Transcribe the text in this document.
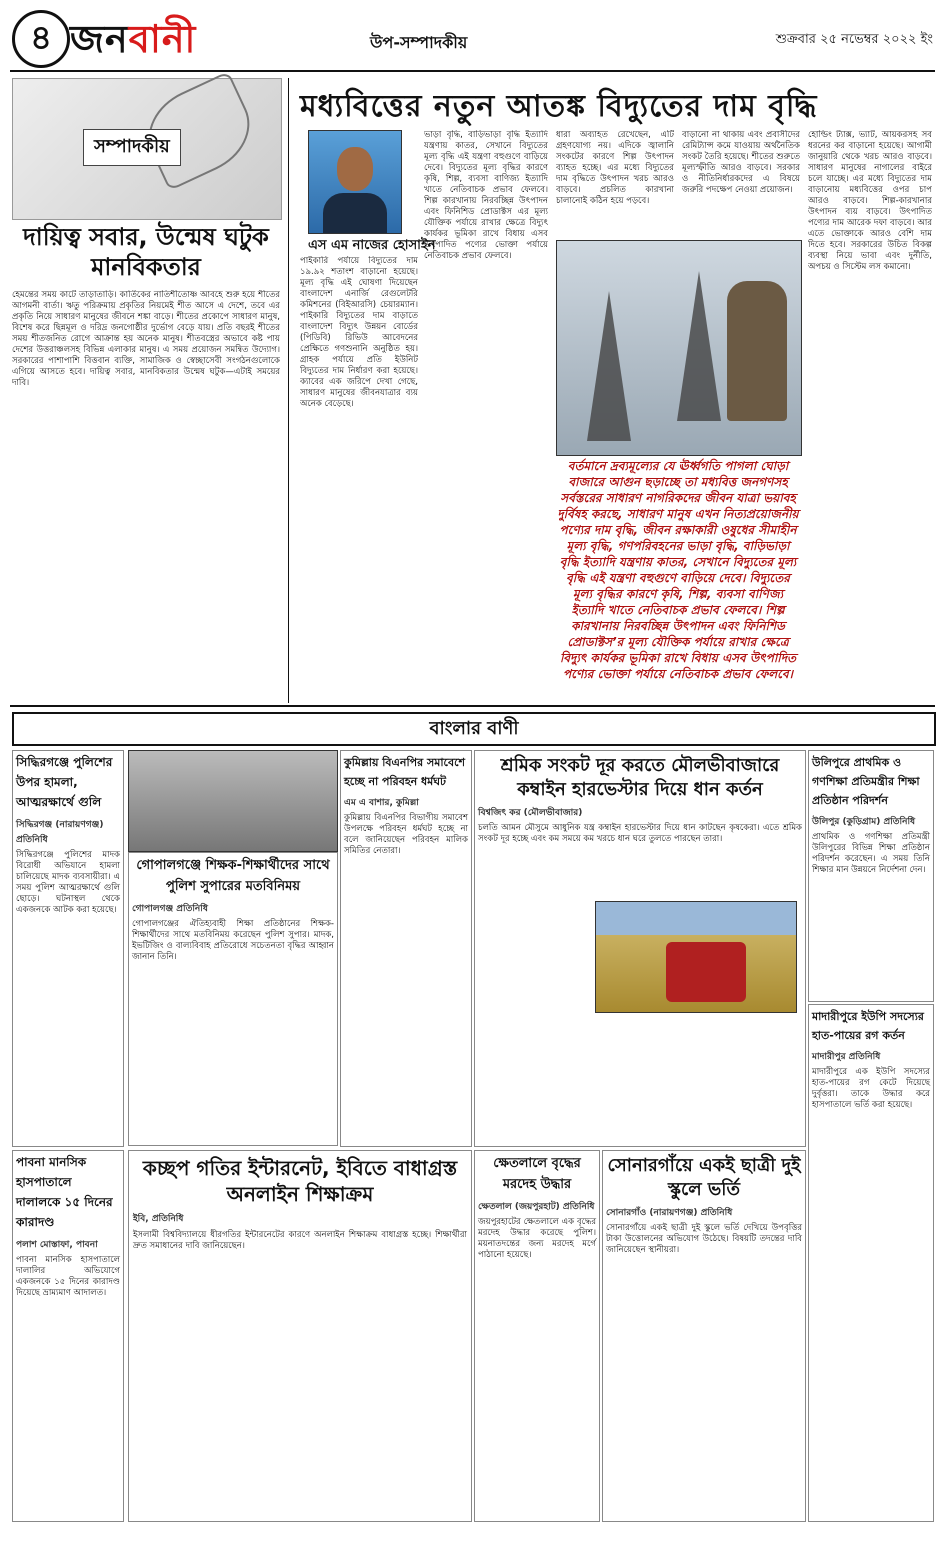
৪ জনবানী	উপ-সম্পাদকীয়	শুক্রবার ২৫ নভেম্বর ২০২২ ইং
সম্পাদকীয়
দায়িত্ব সবার, উন্মেষ ঘটুক মানবিকতার
হেমন্তের সময় কাটে তাড়াতাড়ি। কার্তিকের নাতিশীতোষ্ণ আবহে শুরু হয়ে শীতের আগমনী বার্তা। ঋতু পরিক্রমায় প্রকৃতির নিয়মেই শীত আসে এ দেশে, তবে এর প্রকৃতি নিয়ে সাধারণ মানুষের জীবনে শঙ্কা বাড়ে। শীতের প্রকোপে সাধারণ মানুষ, বিশেষ করে ছিন্নমূল ও দরিদ্র জনগোষ্ঠীর দুর্ভোগ বেড়ে যায়। প্রতি বছরই শীতের সময় শীতজনিত রোগে আক্রান্ত হয় অনেক মানুষ। শীতবস্ত্রের অভাবে কষ্ট পায় দেশের উত্তরাঞ্চলসহ বিভিন্ন এলাকার মানুষ। এ সময় প্রয়োজন সমন্বিত উদ্যোগ। সরকারের পাশাপাশি বিত্তবান ব্যক্তি, সামাজিক ও স্বেচ্ছাসেবী সংগঠনগুলোকে এগিয়ে আসতে হবে। দায়িত্ব সবার, মানবিকতার উন্মেষ ঘটুক—এটাই সময়ের দাবি।
মধ্যবিত্তের নতুন আতঙ্ক বিদ্যুতের দাম বৃদ্ধি
এস এম নাজের হোসাইন
পাইকারি পর্যায়ে বিদ্যুতের দাম ১৯.৯২ শতাংশ বাড়ানো হয়েছে। মূল্য বৃদ্ধি এই ঘোষণা দিয়েছেন বাংলাদেশ এনার্জি রেগুলেটরি কমিশনের (বিইআরসি) চেয়ারম্যান। পাইকারি বিদ্যুতের দাম বাড়াতে বাংলাদেশ বিদ্যুৎ উন্নয়ন বোর্ডের (পিডিবি) রিভিউ আবেদনের প্রেক্ষিতে গণশুনানি অনুষ্ঠিত হয়। গ্রাহক পর্যায়ে প্রতি ইউনিট বিদ্যুতের দাম নির্ধারণ করা হয়েছে। ক্যাবের এক জরিপে দেখা গেছে, সাধারণ মানুষের জীবনযাত্রার ব্যয় অনেক বেড়েছে।
ভাড়া বৃদ্ধি, বাড়িভাড়া বৃদ্ধি ইত্যাদি যন্ত্রণায় কাতর, সেখানে বিদ্যুতের মূল্য বৃদ্ধি এই যন্ত্রণা বহুগুণে বাড়িয়ে দেবে। বিদ্যুতের মূল্য বৃদ্ধির কারণে কৃষি, শিল্প, ব্যবসা বাণিজ্য ইত্যাদি খাতে নেতিবাচক প্রভাব ফেলবে। শিল্প কারখানায় নিরবচ্ছিন্ন উৎপাদন এবং ফিনিশিড প্রোডাক্টস এর মূল্য যৌক্তিক পর্যায়ে রাখার ক্ষেত্রে বিদ্যুৎ কার্যকর ভূমিকা রাখে বিধায় এসব উৎপাদিত পণ্যের ভোক্তা পর্যায়ে নেতিবাচক প্রভাব ফেলবে।
ধারা অব্যাহত রেখেছেন, এটি গ্রহণযোগ্য নয়। এদিকে জ্বালানি সংকটের কারণে শিল্প উৎপাদন ব্যাহত হচ্ছে। এর মধ্যে বিদ্যুতের দাম বৃদ্ধিতে উৎপাদন খরচ আরও বাড়বে। প্রচলিত কারখানা চালানোই কঠিন হয়ে পড়বে।
বাড়ানো না থাকায় এবং প্রবাসীদের রেমিট্যান্স কমে যাওয়ায় অর্থনৈতিক সংকট তৈরি হয়েছে। শীতের শুরুতে মূল্যস্ফীতি আরও বাড়বে। সরকার ও নীতিনির্ধারকদের এ বিষয়ে জরুরি পদক্ষেপ নেওয়া প্রয়োজন।
হোল্ডিং ট্যাক্স, ভ্যাট, আয়করসহ সব ধরনের কর বাড়ানো হয়েছে। আগামী জানুয়ারি থেকে খরচ আরও বাড়বে। সাধারণ মানুষের নাগালের বাইরে চলে যাচ্ছে। এর মধ্যে বিদ্যুতের দাম বাড়ানোয় মধ্যবিত্তের ওপর চাপ আরও বাড়বে। শিল্প-কারখানার উৎপাদন ব্যয় বাড়বে। উৎপাদিত পণ্যের দাম আরেক দফা বাড়বে। আর এতে ভোক্তাকে আরও বেশি দাম দিতে হবে। সরকারের উচিত বিকল্প ব্যবস্থা নিয়ে ভাবা এবং দুর্নীতি, অপচয় ও সিস্টেম লস কমানো।
বর্তমানে দ্রব্যমূল্যের যে ঊর্ধ্বগতি পাগলা ঘোড়া বাজারে আগুন ছড়াচ্ছে তা মধ্যবিত্ত জনগণসহ সর্বস্তরের সাধারণ নাগরিকদের জীবন যাত্রা ভয়াবহ দুর্বিষহ করছে, সাধারণ মানুষ এখন নিত্যপ্রয়োজনীয় পণ্যের দাম বৃদ্ধি, জীবন রক্ষাকারী ওষুধের সীমাহীন মূল্য বৃদ্ধি, গণপরিবহনের ভাড়া বৃদ্ধি, বাড়িভাড়া বৃদ্ধি ইত্যাদি যন্ত্রণায় কাতর, সেখানে বিদ্যুতের মূল্য বৃদ্ধি এই যন্ত্রণা বহুগুণে বাড়িয়ে দেবে। বিদ্যুতের মূল্য বৃদ্ধির কারণে কৃষি, শিল্প, ব্যবসা বাণিজ্য ইত্যাদি খাতে নেতিবাচক প্রভাব ফেলবে। শিল্প কারখানায় নিরবচ্ছিন্ন উৎপাদন এবং ফিনিশিড প্রোডাক্টস’র মূল্য যৌক্তিক পর্যায়ে রাখার ক্ষেত্রে বিদ্যুৎ কার্যকর ভূমিকা রাখে বিধায় এসব উৎপাদিত পণ্যের ভোক্তা পর্যায়ে নেতিবাচক প্রভাব ফেলবে।
বাংলার বাণী
সিদ্ধিরগঞ্জে পুলিশের উপর হামলা, আত্মরক্ষার্থে গুলি
সিদ্ধিরগঞ্জ (নারায়ণগঞ্জ) প্রতিনিধি
সিদ্ধিরগঞ্জে পুলিশের মাদক বিরোধী অভিযানে হামলা চালিয়েছে মাদক ব্যবসায়ীরা। এ সময় পুলিশ আত্মরক্ষার্থে গুলি ছোড়ে। ঘটনাস্থল থেকে একজনকে আটক করা হয়েছে।
গোপালগঞ্জে শিক্ষক-শিক্ষার্থীদের সাথে পুলিশ সুপারের মতবিনিময়
গোপালগঞ্জ প্রতিনিধি
গোপালগঞ্জের ঐতিহ্যবাহী শিক্ষা প্রতিষ্ঠানের শিক্ষক-শিক্ষার্থীদের সাথে মতবিনিময় করেছেন পুলিশ সুপার। মাদক, ইভটিজিং ও বাল্যবিবাহ প্রতিরোধে সচেতনতা বৃদ্ধির আহ্বান জানান তিনি।
কুমিল্লায় বিএনপির সমাবেশে হচ্ছে না পরিবহন ধর্মঘট
এম এ বাশার, কুমিল্লা
কুমিল্লায় বিএনপির বিভাগীয় সমাবেশ উপলক্ষে পরিবহন ধর্মঘট হচ্ছে না বলে জানিয়েছেন পরিবহন মালিক সমিতির নেতারা।
শ্রমিক সংকট দূর করতে মৌলভীবাজারে কম্বাইন হারভেস্টার দিয়ে ধান কর্তন
বিশ্বজিৎ কর (মৌলভীবাজার)
চলতি আমন মৌসুমে আধুনিক যন্ত্র কম্বাইন হারভেস্টার দিয়ে ধান কাটছেন কৃষকেরা। এতে শ্রমিক সংকট দূর হচ্ছে এবং কম সময়ে কম খরচে ধান ঘরে তুলতে পারছেন তারা।
উলিপুরে প্রাথমিক ও গণশিক্ষা প্রতিমন্ত্রীর শিক্ষা প্রতিষ্ঠান পরিদর্শন
উলিপুর (কুড়িগ্রাম) প্রতিনিধি
প্রাথমিক ও গণশিক্ষা প্রতিমন্ত্রী উলিপুরের বিভিন্ন শিক্ষা প্রতিষ্ঠান পরিদর্শন করেছেন। এ সময় তিনি শিক্ষার মান উন্নয়নে নির্দেশনা দেন।
মাদারীপুরে ইউপি সদস্যের হাত-পায়ের রগ কর্তন
মাদারীপুর প্রতিনিধি
মাদারীপুরে এক ইউপি সদস্যের হাত-পায়ের রগ কেটে দিয়েছে দুর্বৃত্তরা। তাকে উদ্ধার করে হাসপাতালে ভর্তি করা হয়েছে।
পাবনা মানসিক হাসপাতালে দালালকে ১৫ দিনের কারাদণ্ড
পলাশ মোস্তাফা, পাবনা
পাবনা মানসিক হাসপাতালে দালালির অভিযোগে একজনকে ১৫ দিনের কারাদণ্ড দিয়েছে ভ্রাম্যমাণ আদালত।
কচ্ছপ গতির ইন্টারনেট, ইবিতে বাধাগ্রস্ত অনলাইন শিক্ষাক্রম
ইবি, প্রতিনিধি
ইসলামী বিশ্ববিদ্যালয়ে ধীরগতির ইন্টারনেটের কারণে অনলাইন শিক্ষাক্রম বাধাগ্রস্ত হচ্ছে। শিক্ষার্থীরা দ্রুত সমাধানের দাবি জানিয়েছেন।
ক্ষেতলালে বৃদ্ধের মরদেহ উদ্ধার
ক্ষেতলাল (জয়পুরহাট) প্রতিনিধি
জয়পুরহাটের ক্ষেতলালে এক বৃদ্ধের মরদেহ উদ্ধার করেছে পুলিশ। ময়নাতদন্তের জন্য মরদেহ মর্গে পাঠানো হয়েছে।
সোনারগাঁয়ে একই ছাত্রী দুই স্কুলে ভর্তি
সোনারগাঁও (নারায়ণগঞ্জ) প্রতিনিধি
সোনারগাঁয়ে একই ছাত্রী দুই স্কুলে ভর্তি দেখিয়ে উপবৃত্তির টাকা উত্তোলনের অভিযোগ উঠেছে। বিষয়টি তদন্তের দাবি জানিয়েছেন স্থানীয়রা।
